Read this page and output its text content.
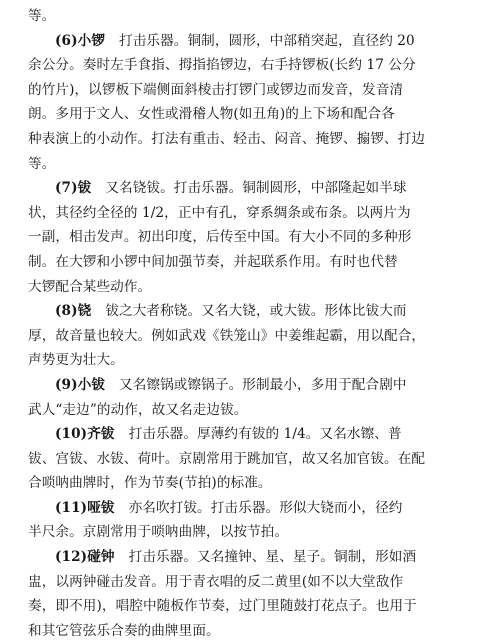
等。
(6)小锣 打击乐器。铜制，圆形，中部稍突起，直径约 20
余公分。奏时左手食指、拇指掐锣边，右手持锣板(长约 17 公分
的竹片)，以锣板下端侧面斜棱击打锣门或锣边而发音，发音清
朗。多用于文人、女性或滑稽人物(如丑角)的上下场和配合各
种表演上的小动作。打法有重击、轻击、闷音、掩锣、搧锣、打边
等。
(7)钹 又名铙钹。打击乐器。铜制圆形，中部隆起如半球
状，其径约全径的 1/2，正中有孔，穿系绸条或布条。以两片为
一副，相击发声。初出印度，后传至中国。有大小不同的多种形
制。在大锣和小锣中间加强节奏，并起联系作用。有时也代替
大锣配合某些动作。
(8)铙 钹之大者称铙。又名大铙，或大钹。形体比钹大而
厚，故音量也较大。例如武戏《铁笼山》中姜维起霸，用以配合，
声势更为壮大。
(9)小钹 又名镲锅或镲锅子。形制最小，多用于配合剧中
武人“走边”的动作，故又名走边钹。
(10)齐钹 打击乐器。厚薄约有钹的 1/4。又名水镲、普
钹、宫钹、水钹、荷叶。京剧常用于跳加官，故又名加官钹。在配
合唢呐曲牌时，作为节奏(节拍)的标准。
(11)哑钹 亦名吹打钹。打击乐器。形似大铙而小，径约
半尺余。京剧常用于唢呐曲牌，以按节拍。
(12)碰钟 打击乐器。又名撞钟、星、星子。铜制，形如酒
盅，以两钟碰击发音。用于青衣唱的反二黄里(如不以大堂敌作
奏，即不用)，唱腔中随板作节奏，过门里随鼓打花点子。也用于
和其它管弦乐合奏的曲牌里面。
